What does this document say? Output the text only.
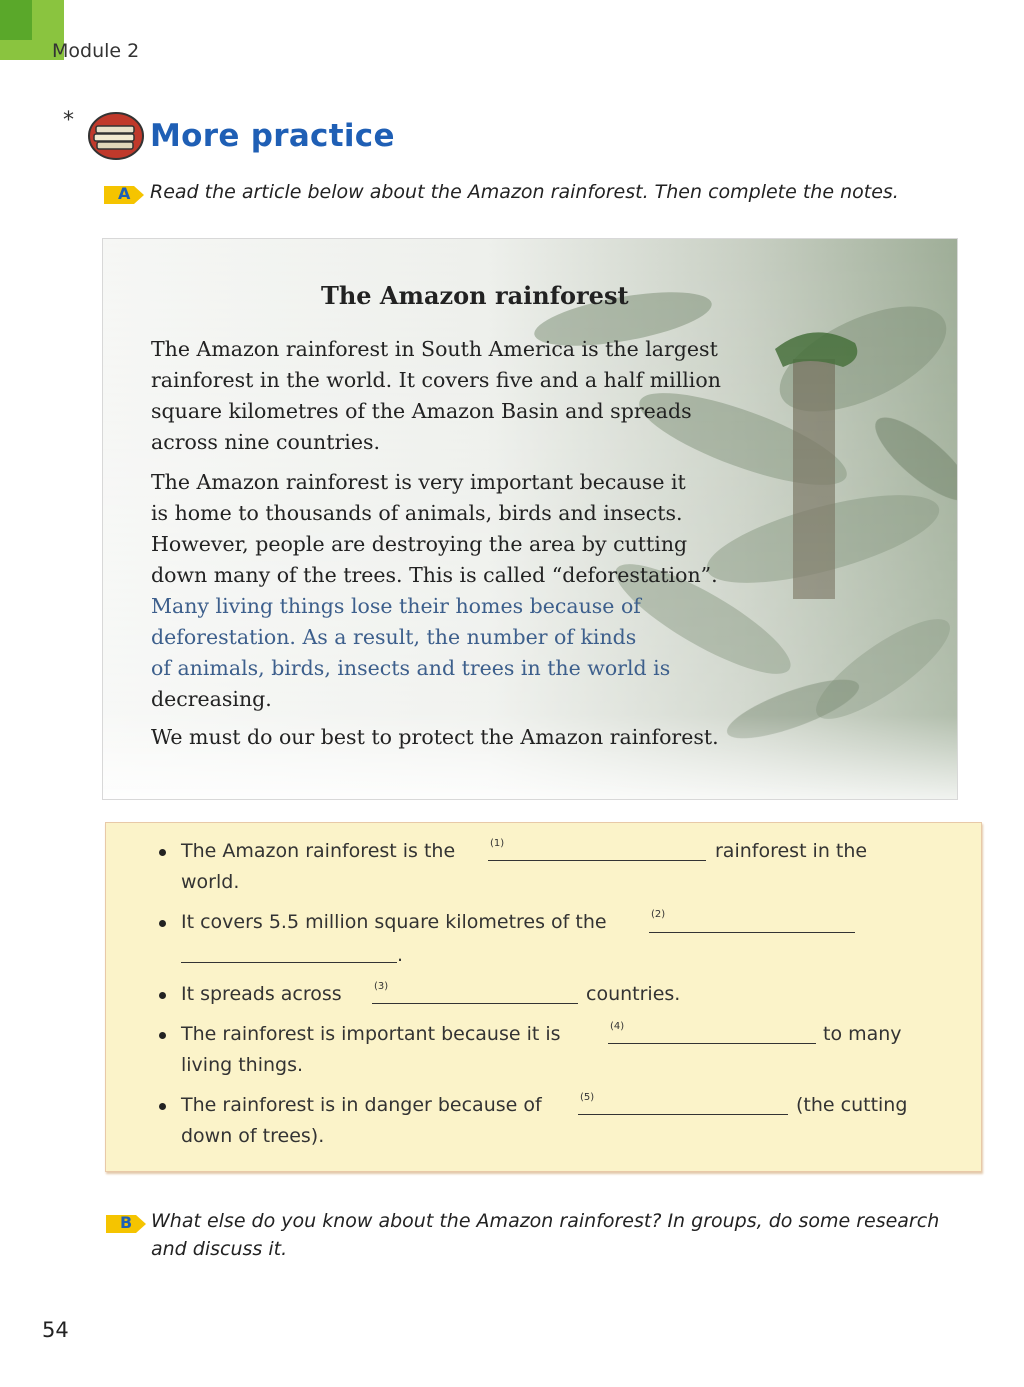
Module 2
* More practice
A Read the article below about the Amazon rainforest. Then complete the notes.
The Amazon rainforest
The Amazon rainforest in South America is the largest
rainforest in the world. It covers five and a half million
square kilometres of the Amazon Basin and spreads
across nine countries.
The Amazon rainforest is very important because it
is home to thousands of animals, birds and insects.
However, people are destroying the area by cutting
down many of the trees. This is called “deforestation”.
Many living things lose their homes because of
deforestation. As a result, the number of kinds
of animals, birds, insects and trees in the world is
decreasing.
We must do our best to protect the Amazon rainforest.
The Amazon rainforest is the	(1)	rainforest in the
world.
It covers 5.5 million square kilometres of the	(2)
.
It spreads across	(3)	countries.
The rainforest is important because it is	(4)	to many
living things.
The rainforest is in danger because of	(5)	(the cutting
down of trees).
B What else do you know about the Amazon rainforest? In groups, do some research
and discuss it.
54
